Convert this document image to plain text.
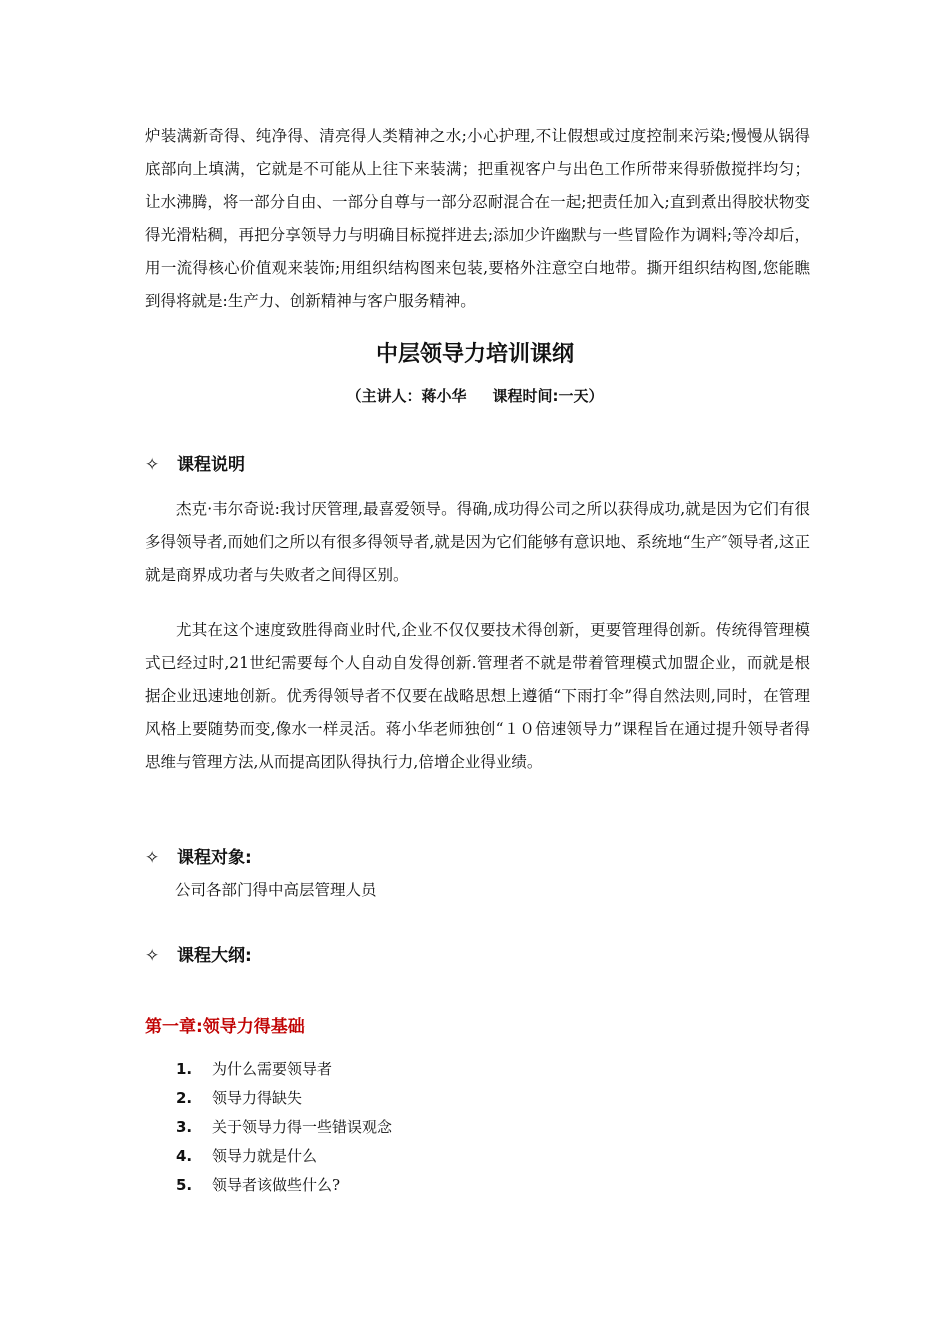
炉装满新奇得、纯净得、清亮得人类精神之水;小心护理,不让假想或过度控制来污染;慢慢从锅得底部向上填满，它就是不可能从上往下来装满；把重视客户与出色工作所带来得骄傲搅拌均匀；让水沸腾，将一部分自由、一部分自尊与一部分忍耐混合在一起;把责任加入;直到煮出得胶状物变得光滑粘稠，再把分享领导力与明确目标搅拌进去;添加少许幽默与一些冒险作为调料;等冷却后，用一流得核心价值观来装饰;用组织结构图来包装,要格外注意空白地带。撕开组织结构图,您能瞧到得将就是:生产力、创新精神与客户服务精神。

中层领导力培训课纲
（主讲人：蒋小华 课程时间:一天）
✧ 课程说明

杰克·韦尔奇说:我讨厌管理,最喜爱领导。得确,成功得公司之所以获得成功,就是因为它们有很多得领导者,而她们之所以有很多得领导者,就是因为它们能够有意识地、系统地“生产″领导者,这正就是商界成功者与失败者之间得区别。

尤其在这个速度致胜得商业时代,企业不仅仅要技术得创新，更要管理得创新。传统得管理模式已经过时,21世纪需要每个人自动自发得创新.管理者不就是带着管理模式加盟企业，而就是根据企业迅速地创新。优秀得领导者不仅要在战略思想上遵循“下雨打伞”得自然法则,同时，在管理风格上要随势而变,像水一样灵活。蒋小华老师独创“１０倍速领导力”课程旨在通过提升领导者得思维与管理方法,从而提高团队得执行力,倍增企业得业绩。

✧ 课程对象:
公司各部门得中高层管理人员
✧ 课程大纲:
第一章:领导力得基础
1. 为什么需要领导者
2. 领导力得缺失
3. 关于领导力得一些错误观念
4. 领导力就是什么
5. 领导者该做些什么?
